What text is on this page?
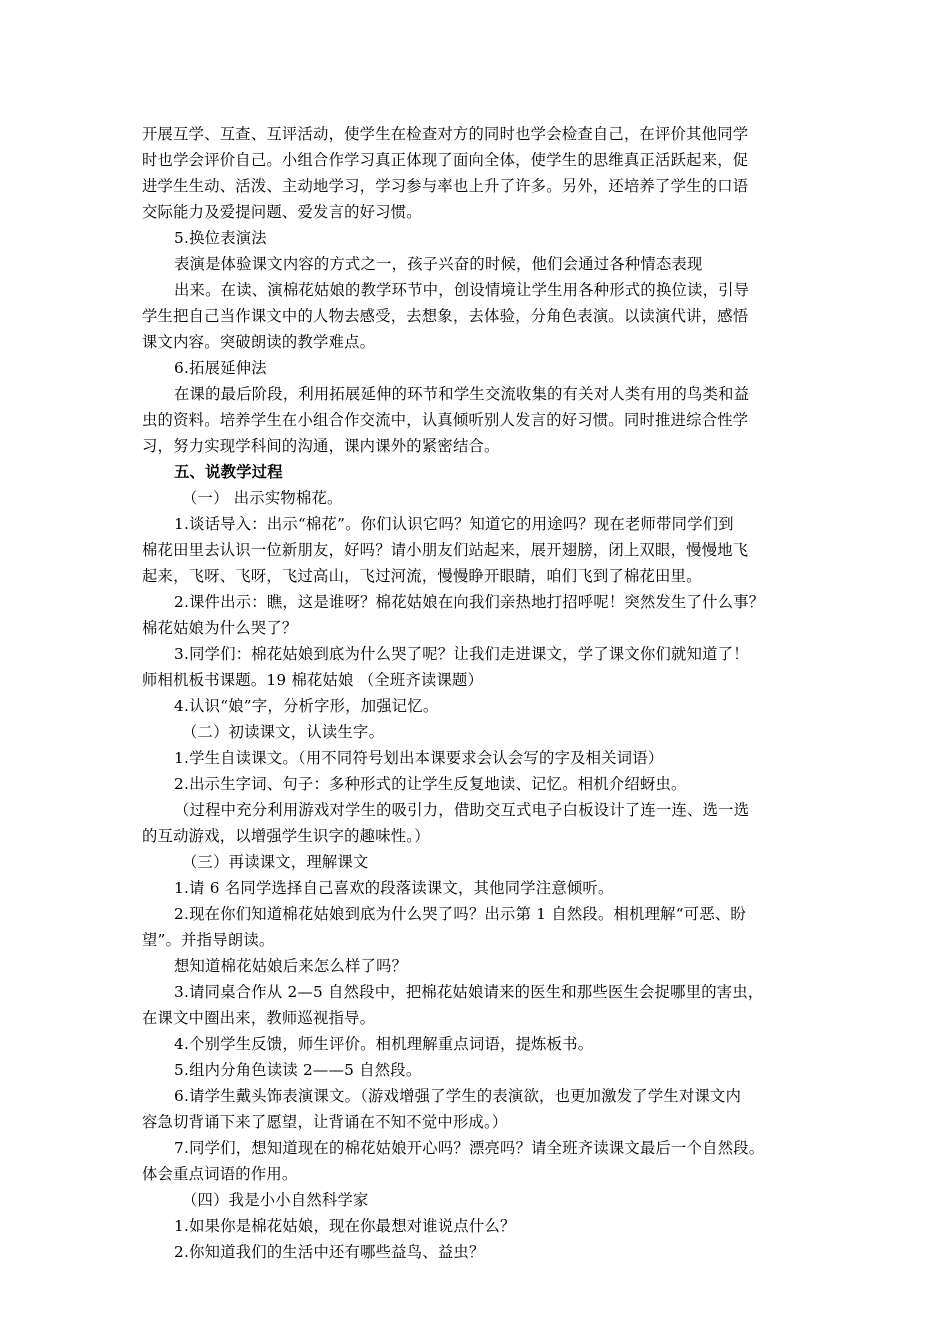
开展互学、互查、互评活动，使学生在检查对方的同时也学会检查自己，在评价其他同学
时也学会评价自己。小组合作学习真正体现了面向全体，使学生的思维真正活跃起来，促
进学生生动、活泼、主动地学习，学习参与率也上升了许多。另外，还培养了学生的口语
交际能力及爱提问题、爱发言的好习惯。
5.换位表演法
表演是体验课文内容的方式之一，孩子兴奋的时候，他们会通过各种情态表现
出来。在读、演棉花姑娘的教学环节中，创设情境让学生用各种形式的换位读，引导
学生把自己当作课文中的人物去感受，去想象，去体验，分角色表演。以读演代讲，感悟
课文内容。突破朗读的教学难点。
6.拓展延伸法
在课的最后阶段，利用拓展延伸的环节和学生交流收集的有关对人类有用的鸟类和益
虫的资料。培养学生在小组合作交流中，认真倾听别人发言的好习惯。同时推进综合性学
习，努力实现学科间的沟通，课内课外的紧密结合。
五、说教学过程
（一） 出示实物棉花。
1.谈话导入：出示“棉花”。你们认识它吗？知道它的用途吗？现在老师带同学们到
棉花田里去认识一位新朋友，好吗？请小朋友们站起来，展开翅膀，闭上双眼，慢慢地飞
起来，飞呀、飞呀，飞过高山，飞过河流，慢慢睁开眼睛，咱们飞到了棉花田里。
2.课件出示：瞧，这是谁呀？棉花姑娘在向我们亲热地打招呼呢！突然发生了什么事？
棉花姑娘为什么哭了？
3.同学们：棉花姑娘到底为什么哭了呢？让我们走进课文，学了课文你们就知道了！
师相机板书课题。19 棉花姑娘 （全班齐读课题）
4.认识“娘”字，分析字形，加强记忆。
（二）初读课文，认读生字。
1.学生自读课文。（用不同符号划出本课要求会认会写的字及相关词语）
2.出示生字词、句子：多种形式的让学生反复地读、记忆。相机介绍蚜虫。
（过程中充分利用游戏对学生的吸引力，借助交互式电子白板设计了连一连、选一选
的互动游戏，以增强学生识字的趣味性。）
（三）再读课文，理解课文
1.请 6 名同学选择自己喜欢的段落读课文，其他同学注意倾听。
2.现在你们知道棉花姑娘到底为什么哭了吗？出示第 1 自然段。相机理解“可恶、盼
望”。并指导朗读。
想知道棉花姑娘后来怎么样了吗？
3.请同桌合作从 2—5 自然段中，把棉花姑娘请来的医生和那些医生会捉哪里的害虫，
在课文中圈出来，教师巡视指导。
4.个别学生反馈，师生评价。相机理解重点词语，提炼板书。
5.组内分角色读读 2——5 自然段。
6.请学生戴头饰表演课文。（游戏增强了学生的表演欲，也更加激发了学生对课文内
容急切背诵下来了愿望，让背诵在不知不觉中形成。）
7.同学们，想知道现在的棉花姑娘开心吗？漂亮吗？请全班齐读课文最后一个自然段。
体会重点词语的作用。
（四）我是小小自然科学家
1.如果你是棉花姑娘，现在你最想对谁说点什么？
2.你知道我们的生活中还有哪些益鸟、益虫？
